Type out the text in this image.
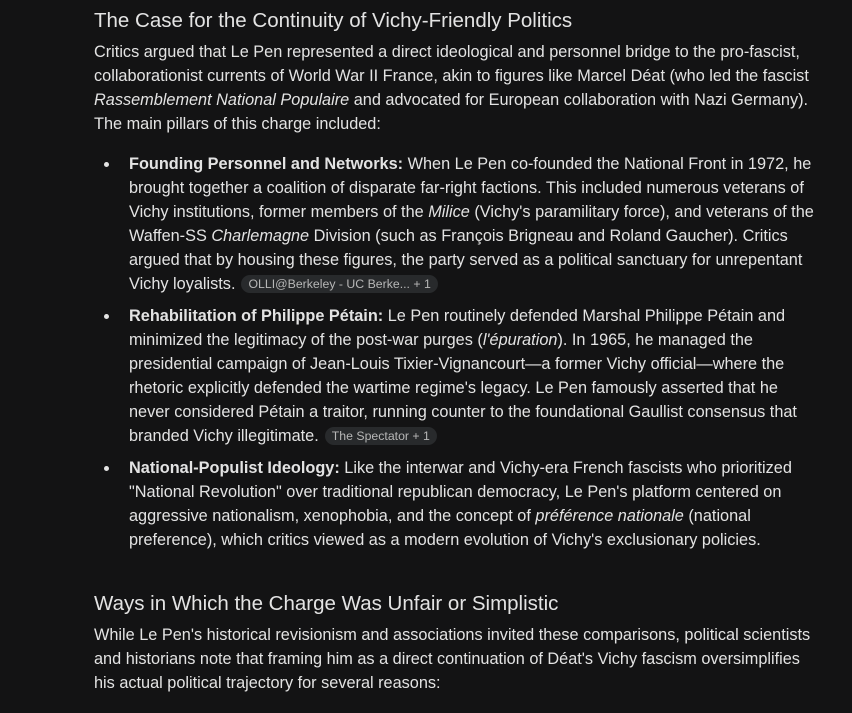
The Case for the Continuity of Vichy-Friendly Politics

Critics argued that Le Pen represented a direct ideological and personnel bridge to the pro-fascist, collaborationist currents of World War II France, akin to figures like Marcel Déat (who led the fascist Rassemblement National Populaire and advocated for European collaboration with Nazi Germany). The main pillars of this charge included:

Founding Personnel and Networks: When Le Pen co-founded the National Front in 1972, he brought together a coalition of disparate far-right factions. This included numerous veterans of Vichy institutions, former members of the Milice (Vichy's paramilitary force), and veterans of the Waffen-SS Charlemagne Division (such as François Brigneau and Roland Gaucher). Critics argued that by housing these figures, the party served as a political sanctuary for unrepentant Vichy loyalists. OLLI@Berkeley - UC Berke... + 1
Rehabilitation of Philippe Pétain: Le Pen routinely defended Marshal Philippe Pétain and minimized the legitimacy of the post-war purges (l'épuration). In 1965, he managed the presidential campaign of Jean-Louis Tixier-Vignancourt—a former Vichy official—where the rhetoric explicitly defended the wartime regime's legacy. Le Pen famously asserted that he never considered Pétain a traitor, running counter to the foundational Gaullist consensus that branded Vichy illegitimate. The Spectator + 1
National-Populist Ideology: Like the interwar and Vichy-era French fascists who prioritized "National Revolution" over traditional republican democracy, Le Pen's platform centered on aggressive nationalism, xenophobia, and the concept of préférence nationale (national preference), which critics viewed as a modern evolution of Vichy's exclusionary policies.
Ways in Which the Charge Was Unfair or Simplistic

While Le Pen's historical revisionism and associations invited these comparisons, political scientists and historians note that framing him as a direct continuation of Déat's Vichy fascism oversimplifies his actual political trajectory for several reasons:
